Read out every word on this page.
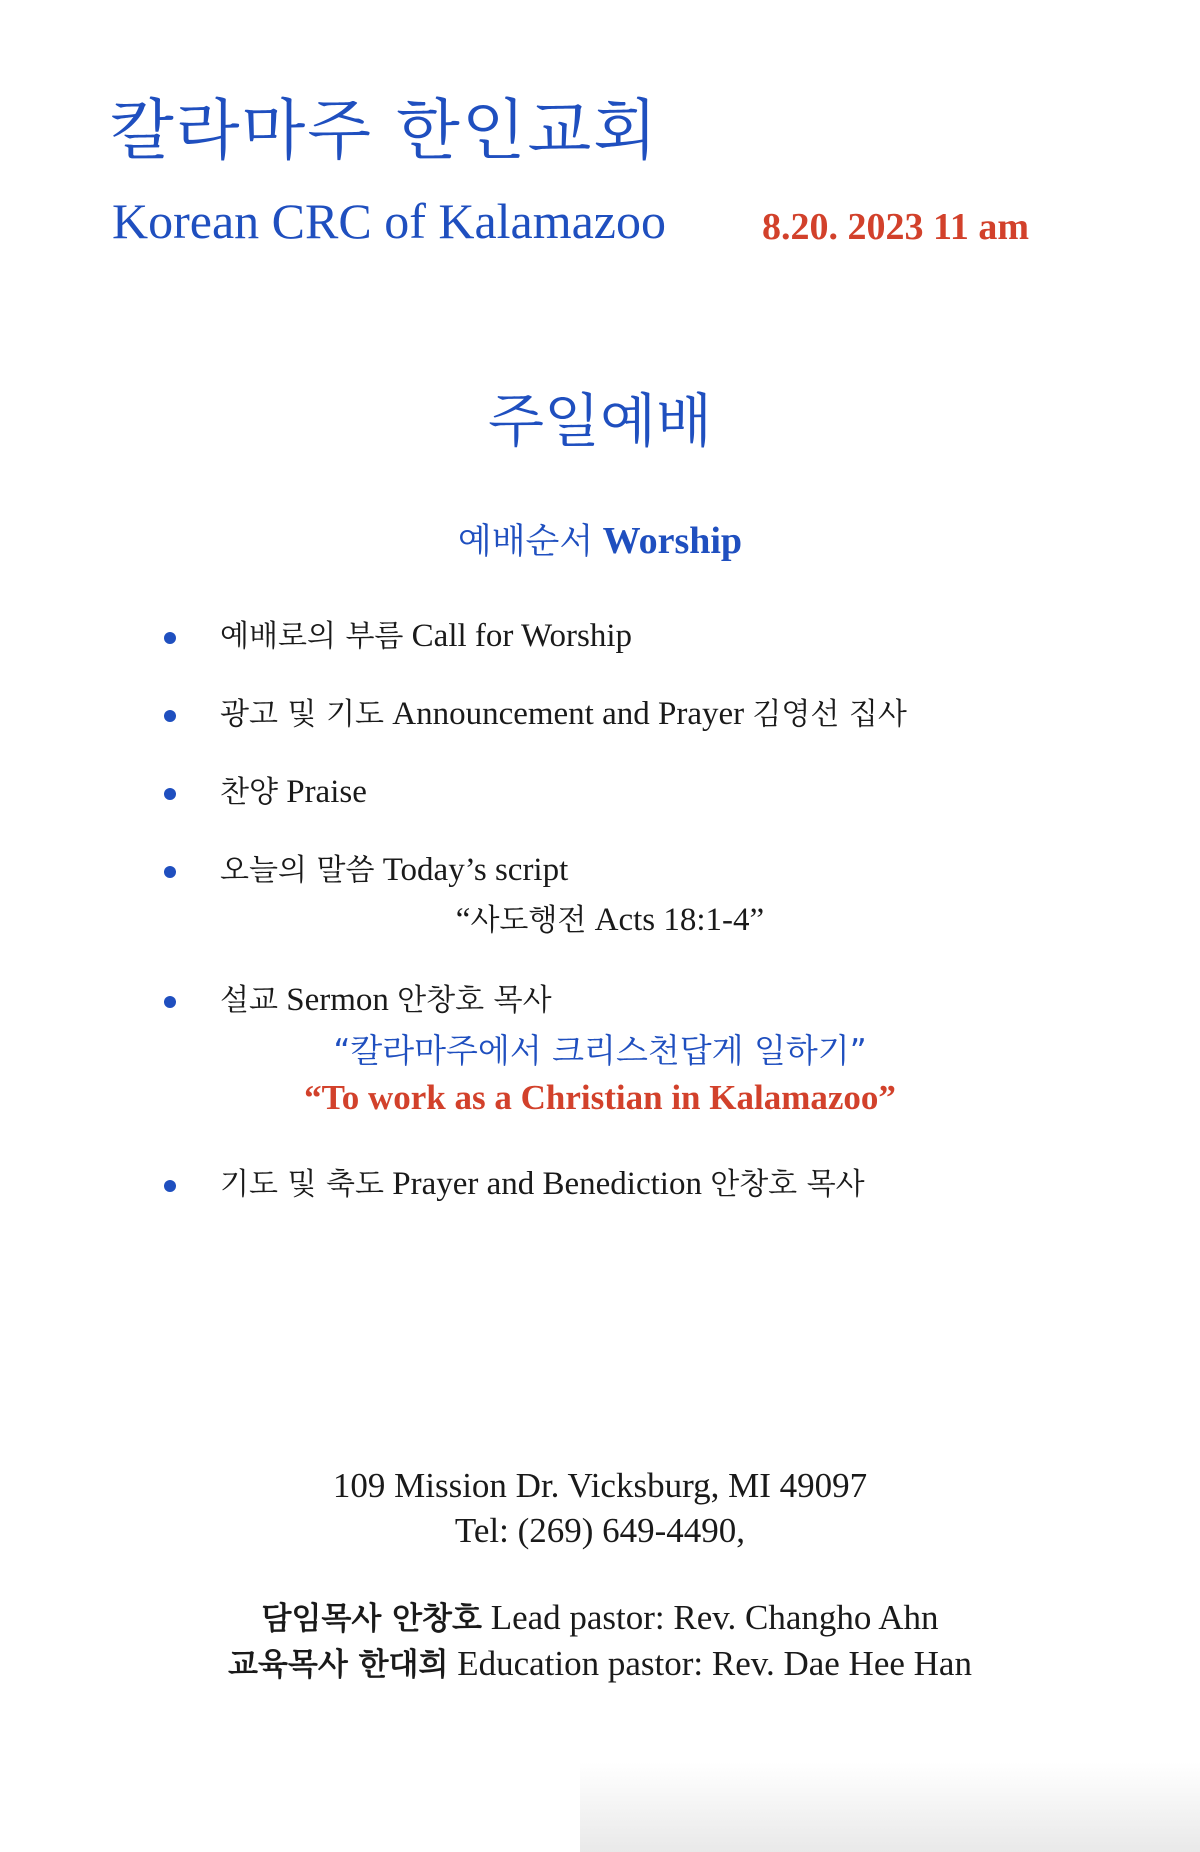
칼라마주 한인교회
Korean CRC of Kalamazoo	8.20. 2023 11 am
주일예배
예배순서 Worship
예배로의 부름 Call for Worship
광고 및 기도 Announcement and Prayer 김영선 집사
찬양 Praise
오늘의 말씀 Today’s script
“사도행전 Acts 18:1-4”
설교 Sermon 안창호 목사
“칼라마주에서 크리스천답게 일하기”
“To work as a Christian in Kalamazoo”
기도 및 축도 Prayer and Benediction 안창호 목사
109 Mission Dr. Vicksburg, MI 49097
Tel: (269) 649-4490,
담임목사 안창호 Lead pastor: Rev. Changho Ahn
교육목사 한대희 Education pastor: Rev. Dae Hee Han
